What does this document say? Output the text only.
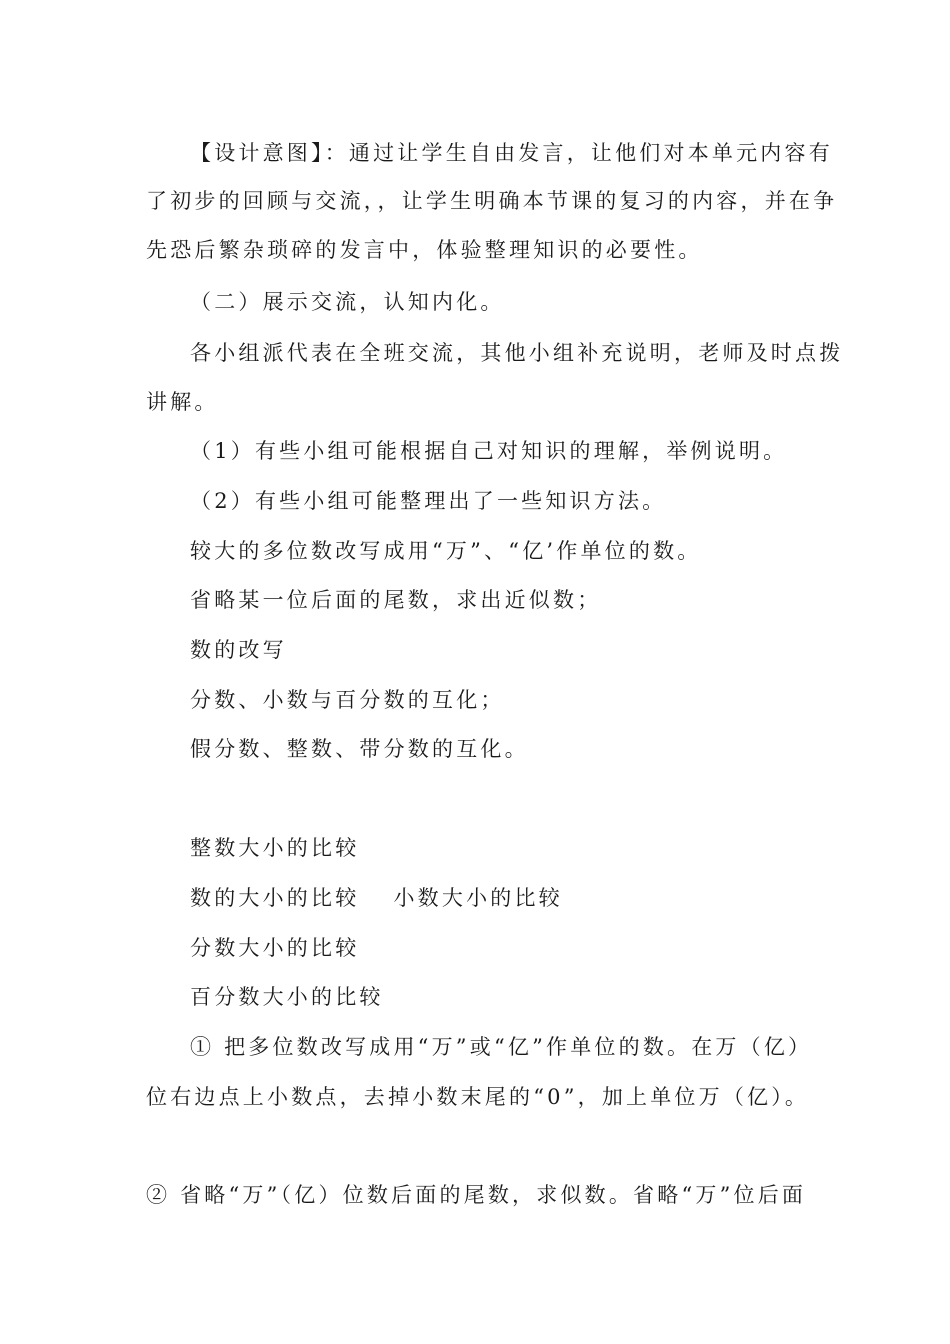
【设计意图】：通过让学生自由发言，让他们对本单元内容有
了初步的回顾与交流，，让学生明确本节课的复习的内容，并在争
先恐后繁杂琐碎的发言中，体验整理知识的必要性。
（二）展示交流，认知内化。
各小组派代表在全班交流，其他小组补充说明，老师及时点拨
讲解。
（1）有些小组可能根据自己对知识的理解，举例说明。
（2）有些小组可能整理出了一些知识方法。
较大的多位数改写成用“万”、“亿’作单位的数。
省略某一位后面的尾数，求出近似数；
数的改写
分数、小数与百分数的互化；
假分数、整数、带分数的互化。
整数大小的比较
数的大小的比较　 小数大小的比较
分数大小的比较
百分数大小的比较
① 把多位数改写成用“万”或“亿”作单位的数。在万（亿）
位右边点上小数点，去掉小数末尾的“0”，加上单位万（亿）。
② 省略“万”（亿）位数后面的尾数，求似数。省略“万”位后面
